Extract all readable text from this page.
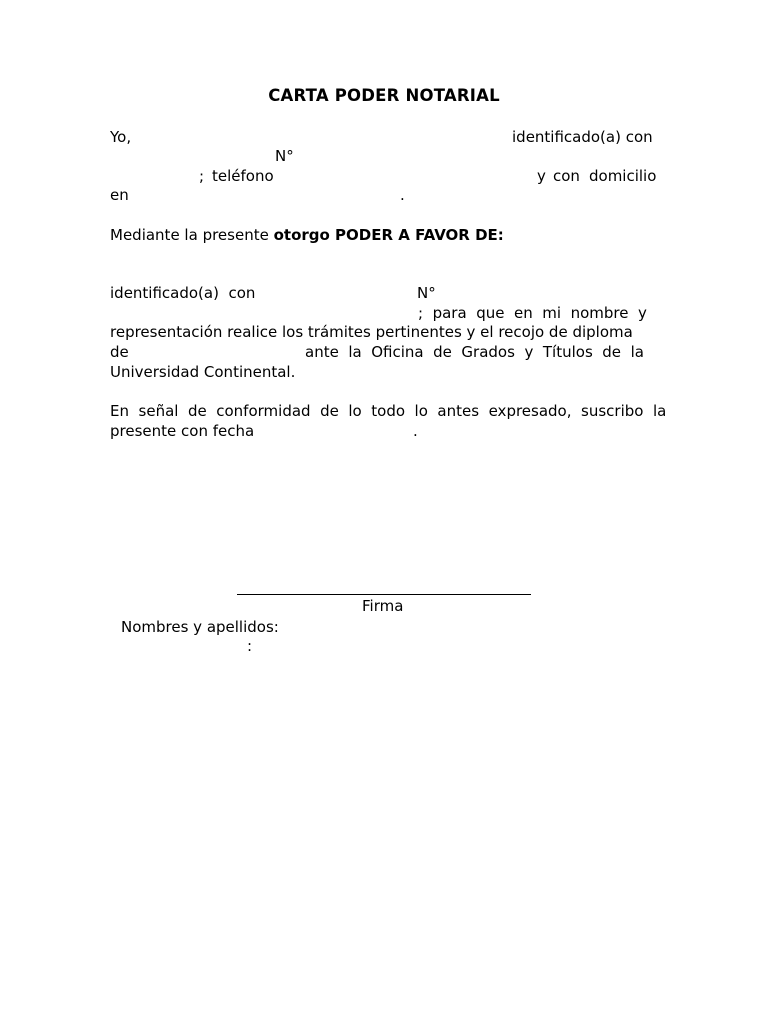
CARTA PODER NOTARIAL
Yo,	identificado(a) con
N°
; teléfono	y con domicilio
en	.
Mediante la presente otorgo PODER A FAVOR DE:
identificado(a)  con	N°
;  para  que  en  mi  nombre  y
representación realice los trámites pertinentes y el recojo de diploma
de	ante  la  Oficina  de  Grados  y  Títulos  de  la
Universidad Continental.
En  señal  de  conformidad  de  lo  todo  lo  antes  expresado,  suscribo  la
presente con fecha	.
Firma
Nombres y apellidos:
:
